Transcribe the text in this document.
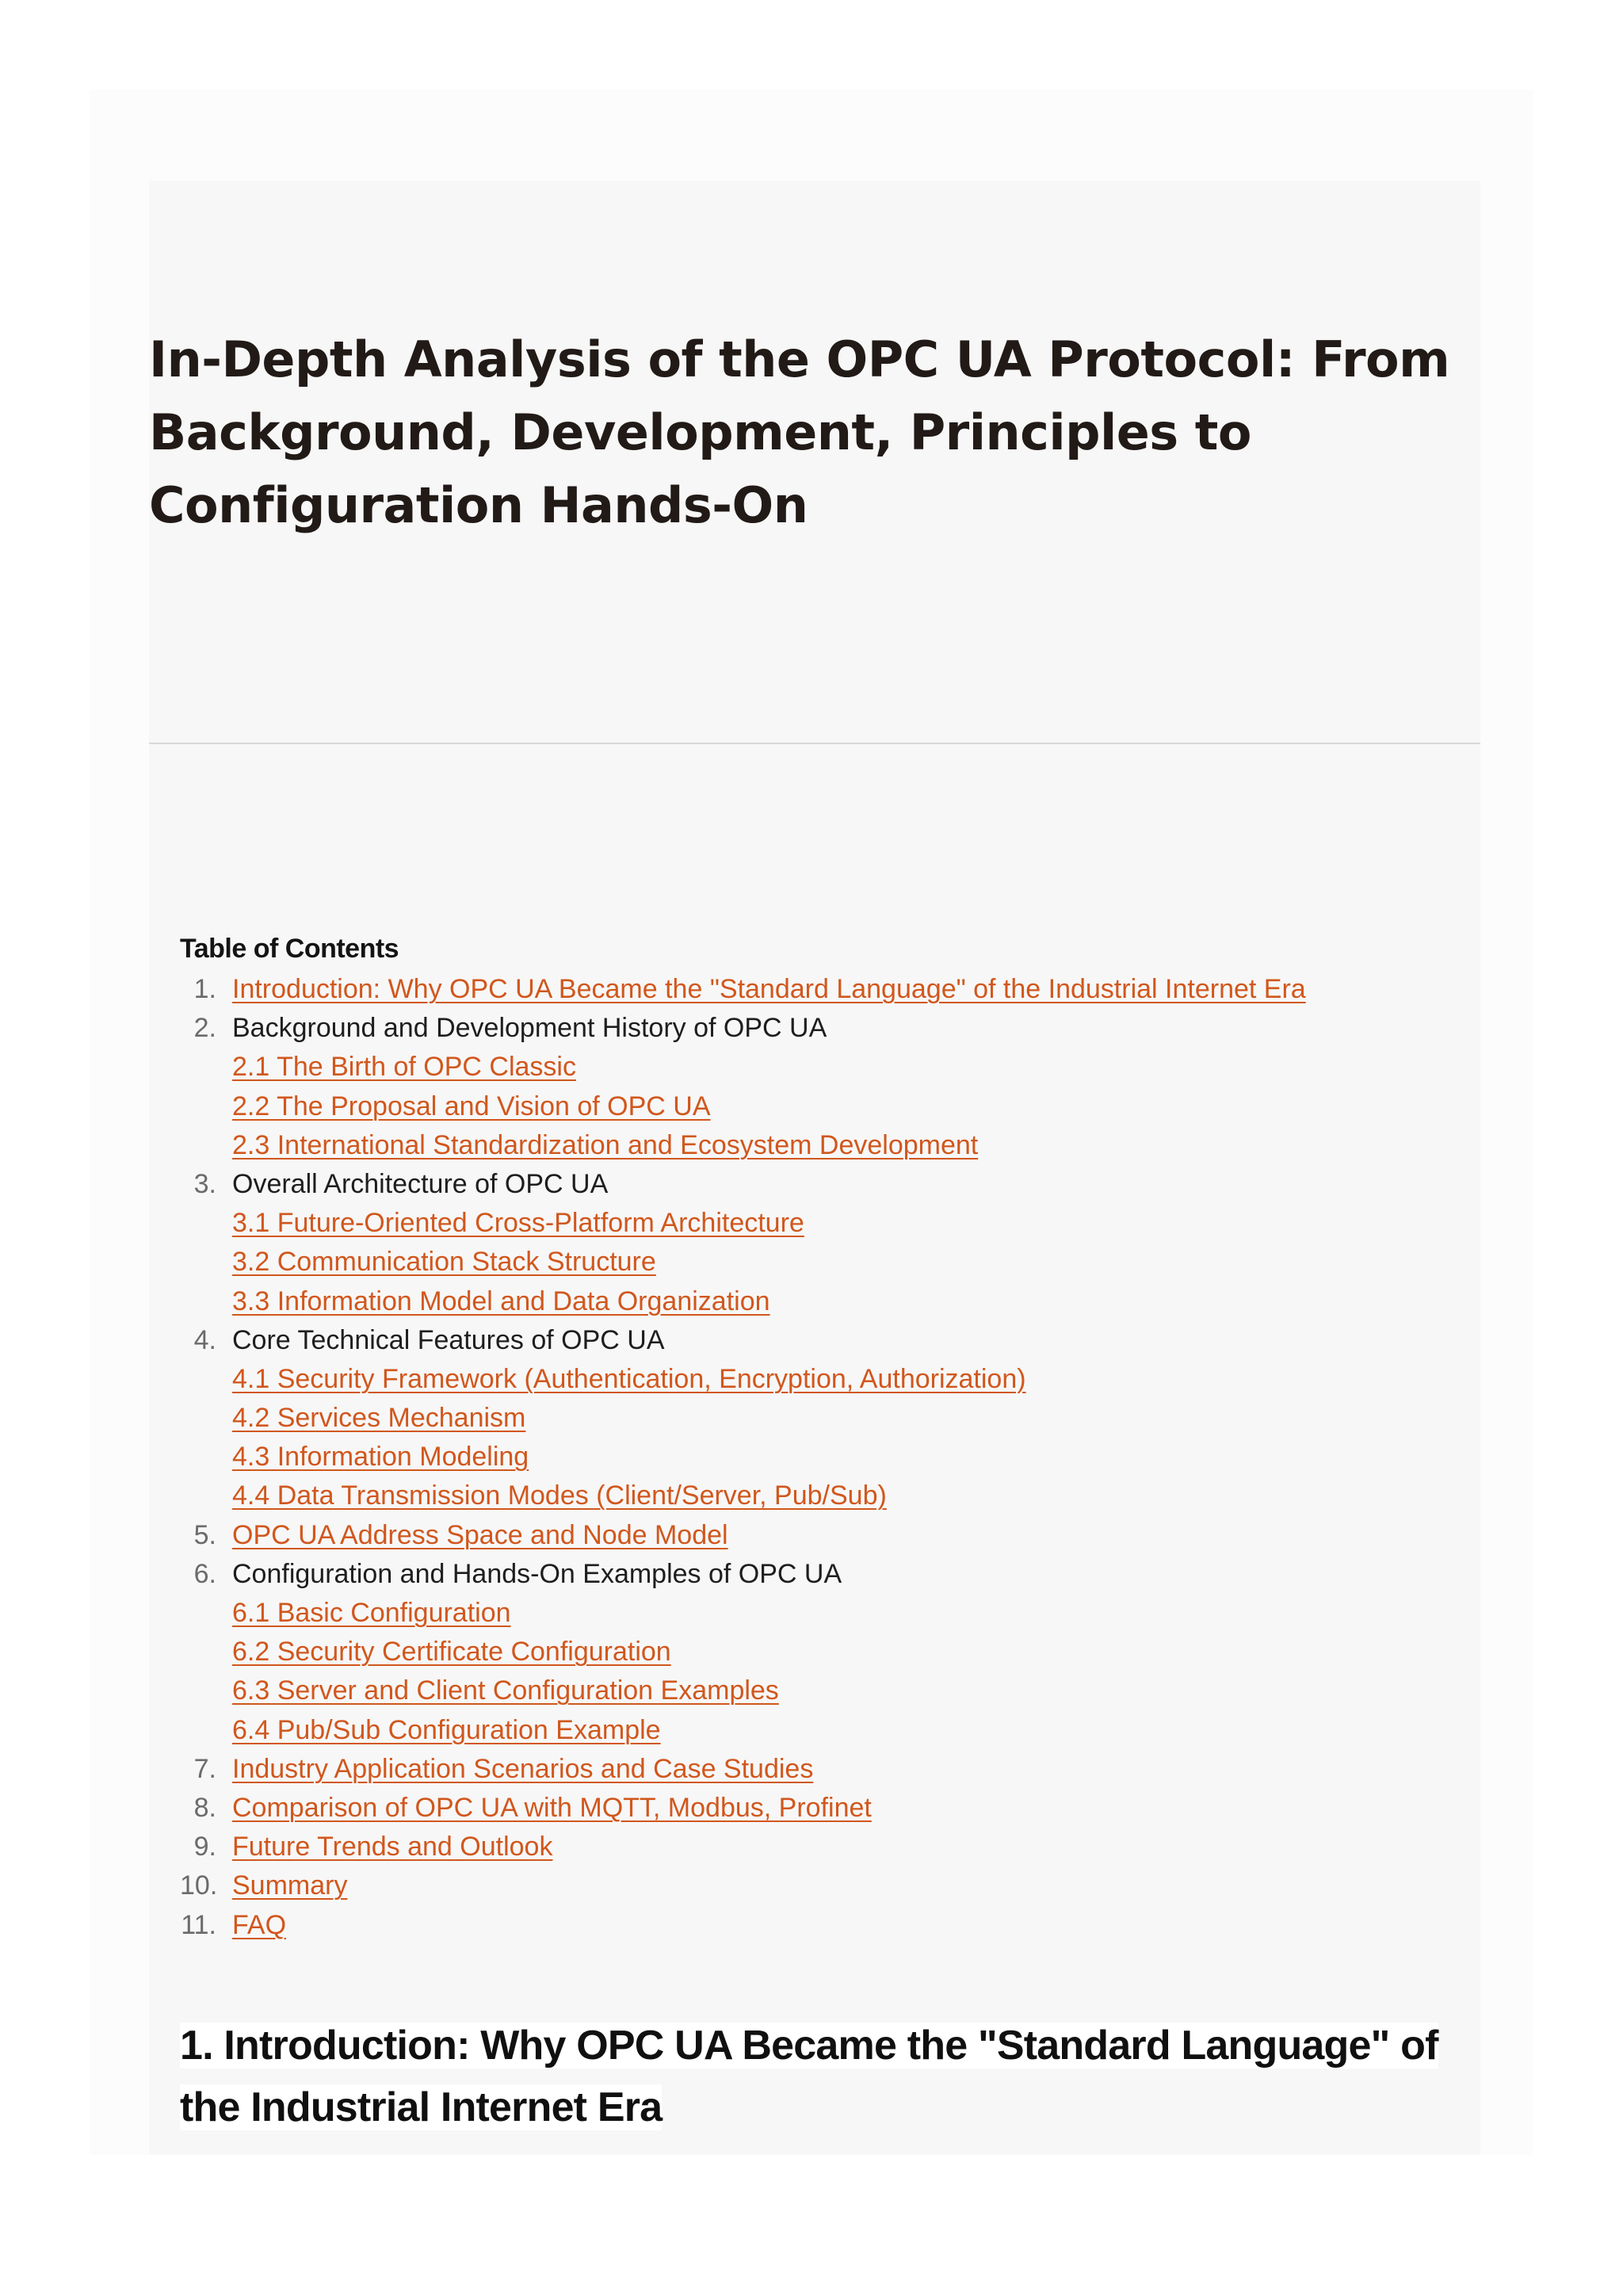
In-Depth Analysis of the OPC UA Protocol: From Background, Development, Principles to Configuration Hands-On
Table of Contents
1. Introduction: Why OPC UA Became the "Standard Language" of the Industrial Internet Era
2. Background and Development History of OPC UA
2.1 The Birth of OPC Classic
2.2 The Proposal and Vision of OPC UA
2.3 International Standardization and Ecosystem Development
3. Overall Architecture of OPC UA
3.1 Future-Oriented Cross-Platform Architecture
3.2 Communication Stack Structure
3.3 Information Model and Data Organization
4. Core Technical Features of OPC UA
4.1 Security Framework (Authentication, Encryption, Authorization)
4.2 Services Mechanism
4.3 Information Modeling
4.4 Data Transmission Modes (Client/Server, Pub/Sub)
5. OPC UA Address Space and Node Model
6. Configuration and Hands-On Examples of OPC UA
6.1 Basic Configuration
6.2 Security Certificate Configuration
6.3 Server and Client Configuration Examples
6.4 Pub/Sub Configuration Example
7. Industry Application Scenarios and Case Studies
8. Comparison of OPC UA with MQTT, Modbus, Profinet
9. Future Trends and Outlook
10. Summary
11. FAQ
1. Introduction: Why OPC UA Became the "Standard Language" of the Industrial Internet Era
